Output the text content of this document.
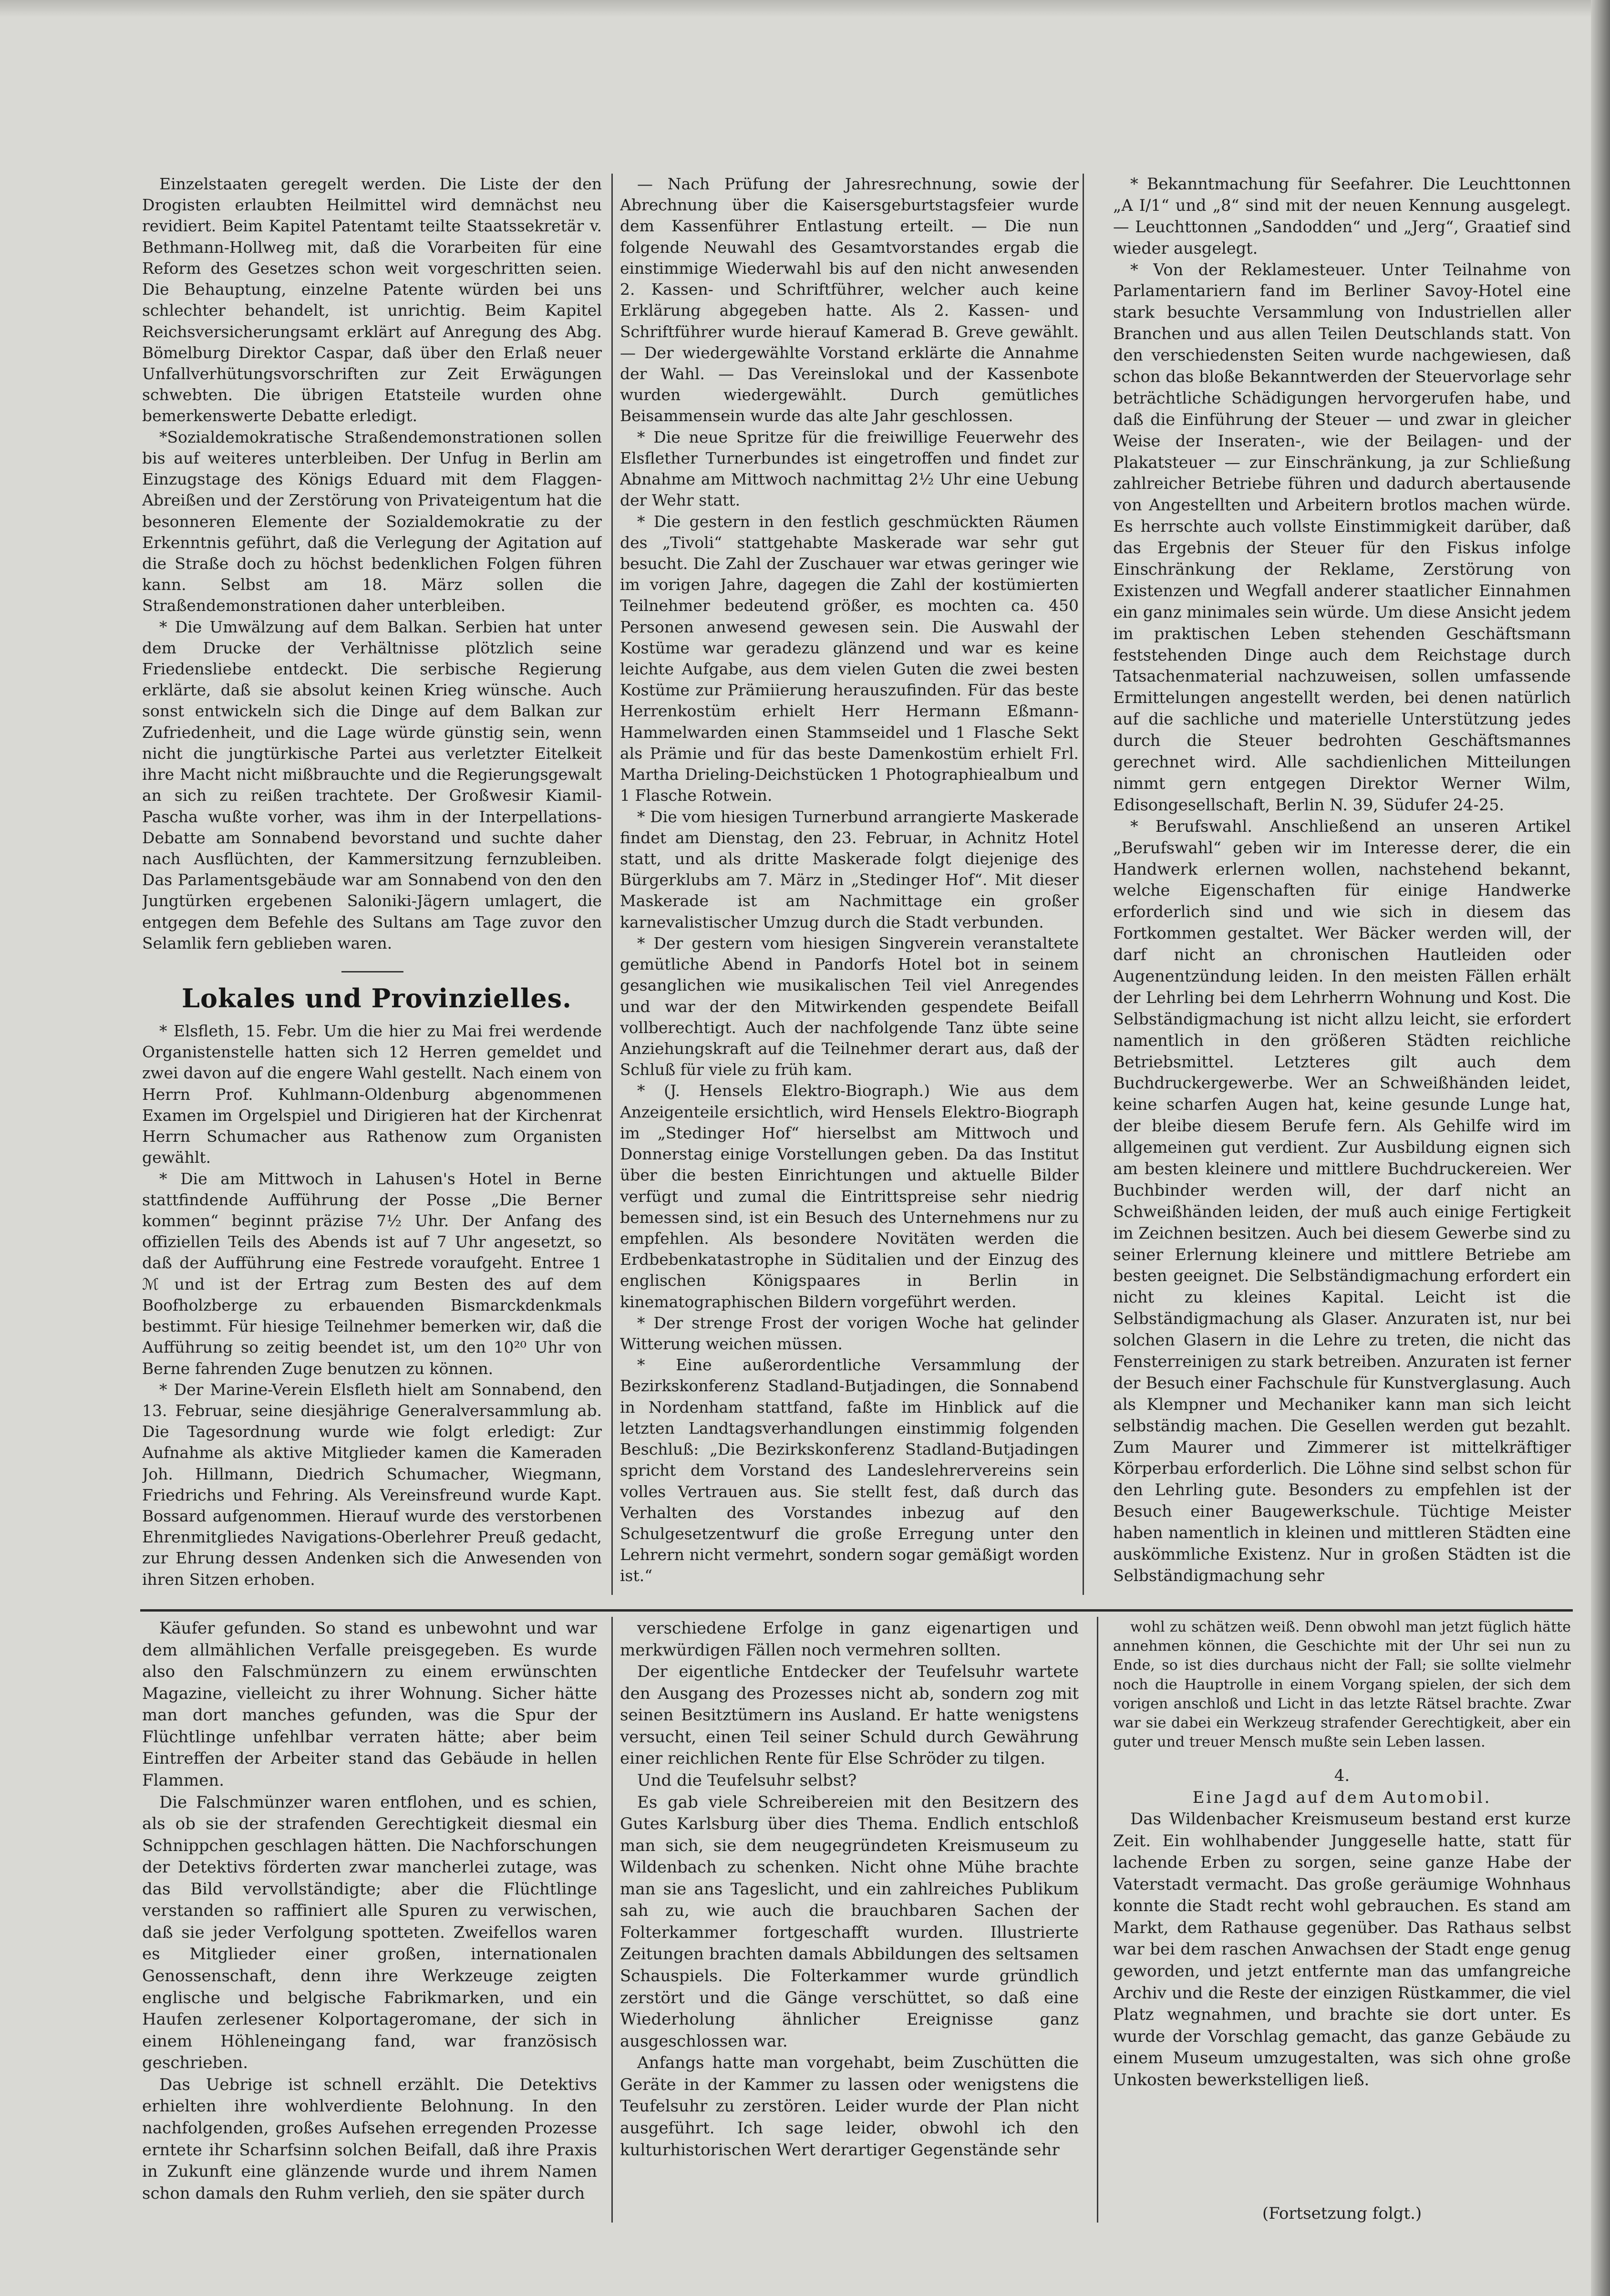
Einzelstaaten geregelt werden. Die Liste der den Drogisten erlaubten Heilmittel wird demnächst neu revidiert. Beim Kapitel Patentamt teilte Staatssekretär v. Bethmann-Hollweg mit, daß die Vorarbeiten für eine Reform des Gesetzes schon weit vorgeschritten seien. Die Behauptung, einzelne Patente würden bei uns schlechter behandelt, ist unrichtig. Beim Kapitel Reichsversicherungsamt erklärt auf Anregung des Abg. Bömelburg Direktor Caspar, daß über den Erlaß neuer Unfallverhütungsvorschriften zur Zeit Erwägungen schwebten. Die übrigen Etatsteile wurden ohne bemerkenswerte Debatte erledigt.

*Sozialdemokratische Straßendemonstrationen sollen bis auf weiteres unterbleiben. Der Unfug in Berlin am Einzugstage des Königs Eduard mit dem Flaggen-Abreißen und der Zerstörung von Privateigentum hat die besonneren Elemente der Sozialdemokratie zu der Erkenntnis geführt, daß die Verlegung der Agitation auf die Straße doch zu höchst bedenklichen Folgen führen kann. Selbst am 18. März sollen die Straßendemonstrationen daher unterbleiben.

* Die Umwälzung auf dem Balkan. Serbien hat unter dem Drucke der Verhältnisse plötzlich seine Friedensliebe entdeckt. Die serbische Regierung erklärte, daß sie absolut keinen Krieg wünsche. Auch sonst entwickeln sich die Dinge auf dem Balkan zur Zufriedenheit, und die Lage würde günstig sein, wenn nicht die jungtürkische Partei aus verletzter Eitelkeit ihre Macht nicht mißbrauchte und die Regierungsgewalt an sich zu reißen trachtete. Der Großwesir Kiamil-Pascha wußte vorher, was ihm in der Interpellations-Debatte am Sonnabend bevorstand und suchte daher nach Ausflüchten, der Kammersitzung fernzubleiben. Das Parlamentsgebäude war am Sonnabend von den den Jungtürken ergebenen Saloniki-Jägern umlagert, die entgegen dem Befehle des Sultans am Tage zuvor den Selamlik fern geblieben waren.

Lokales und Provinzielles.

* Elsfleth, 15. Febr. Um die hier zu Mai frei werdende Organistenstelle hatten sich 12 Herren gemeldet und zwei davon auf die engere Wahl gestellt. Nach einem von Herrn Prof. Kuhlmann-Oldenburg abgenommenen Examen im Orgelspiel und Dirigieren hat der Kirchenrat Herrn Schumacher aus Rathenow zum Organisten gewählt.

* Die am Mittwoch in Lahusen's Hotel in Berne stattfindende Aufführung der Posse „Die Berner kommen“ beginnt präzise 7½ Uhr. Der Anfang des offiziellen Teils des Abends ist auf 7 Uhr angesetzt, so daß der Aufführung eine Festrede voraufgeht. Entree 1 ℳ und ist der Ertrag zum Besten des auf dem Boofholzberge zu erbauenden Bismarckdenkmals bestimmt. Für hiesige Teilnehmer bemerken wir, daß die Aufführung so zeitig beendet ist, um den 10²⁰ Uhr von Berne fahrenden Zuge benutzen zu können.

* Der Marine-Verein Elsfleth hielt am Sonnabend, den 13. Februar, seine diesjährige Generalversammlung ab. Die Tagesordnung wurde wie folgt erledigt: Zur Aufnahme als aktive Mitglieder kamen die Kameraden Joh. Hillmann, Diedrich Schumacher, Wiegmann, Friedrichs und Fehring. Als Vereinsfreund wurde Kapt. Bossard aufgenommen. Hierauf wurde des verstorbenen Ehrenmitgliedes Navigations-Oberlehrer Preuß gedacht, zur Ehrung dessen Andenken sich die Anwesenden von ihren Sitzen erhoben.

— Nach Prüfung der Jahresrechnung, sowie der Abrechnung über die Kaisersgeburtstagsfeier wurde dem Kassenführer Entlastung erteilt. — Die nun folgende Neuwahl des Gesamtvorstandes ergab die einstimmige Wiederwahl bis auf den nicht anwesenden 2. Kassen- und Schriftführer, welcher auch keine Erklärung abgegeben hatte. Als 2. Kassen- und Schriftführer wurde hierauf Kamerad B. Greve gewählt. — Der wiedergewählte Vorstand erklärte die Annahme der Wahl. — Das Vereinslokal und der Kassenbote wurden wiedergewählt. Durch gemütliches Beisammensein wurde das alte Jahr geschlossen.

* Die neue Spritze für die freiwillige Feuerwehr des Elsflether Turnerbundes ist eingetroffen und findet zur Abnahme am Mittwoch nachmittag 2½ Uhr eine Uebung der Wehr statt.

* Die gestern in den festlich geschmückten Räumen des „Tivoli“ stattgehabte Maskerade war sehr gut besucht. Die Zahl der Zuschauer war etwas geringer wie im vorigen Jahre, dagegen die Zahl der kostümierten Teilnehmer bedeutend größer, es mochten ca. 450 Personen anwesend gewesen sein. Die Auswahl der Kostüme war geradezu glänzend und war es keine leichte Aufgabe, aus dem vielen Guten die zwei besten Kostüme zur Prämiierung herauszufinden. Für das beste Herrenkostüm erhielt Herr Hermann Eßmann-Hammelwarden einen Stammseidel und 1 Flasche Sekt als Prämie und für das beste Damenkostüm erhielt Frl. Martha Drieling-Deichstücken 1 Photographiealbum und 1 Flasche Rotwein.

* Die vom hiesigen Turnerbund arrangierte Maskerade findet am Dienstag, den 23. Februar, in Achnitz Hotel statt, und als dritte Maskerade folgt diejenige des Bürgerklubs am 7. März in „Stedinger Hof“. Mit dieser Maskerade ist am Nachmittage ein großer karnevalistischer Umzug durch die Stadt verbunden.

* Der gestern vom hiesigen Singverein veranstaltete gemütliche Abend in Pandorfs Hotel bot in seinem gesanglichen wie musikalischen Teil viel Anregendes und war der den Mitwirkenden gespendete Beifall vollberechtigt. Auch der nachfolgende Tanz übte seine Anziehungskraft auf die Teilnehmer derart aus, daß der Schluß für viele zu früh kam.

* (J. Hensels Elektro-Biograph.) Wie aus dem Anzeigenteile ersichtlich, wird Hensels Elektro-Biograph im „Stedinger Hof“ hierselbst am Mittwoch und Donnerstag einige Vorstellungen geben. Da das Institut über die besten Einrichtungen und aktuelle Bilder verfügt und zumal die Eintrittspreise sehr niedrig bemessen sind, ist ein Besuch des Unternehmens nur zu empfehlen. Als besondere Novitäten werden die Erdbebenkatastrophe in Süditalien und der Einzug des englischen Königspaares in Berlin in kinematographischen Bildern vorgeführt werden.

* Der strenge Frost der vorigen Woche hat gelinder Witterung weichen müssen.

* Eine außerordentliche Versammlung der Bezirkskonferenz Stadland-Butjadingen, die Sonnabend in Nordenham stattfand, faßte im Hinblick auf die letzten Landtagsverhandlungen einstimmig folgenden Beschluß: „Die Bezirkskonferenz Stadland-Butjadingen spricht dem Vorstand des Landeslehrervereins sein volles Vertrauen aus. Sie stellt fest, daß durch das Verhalten des Vorstandes inbezug auf den Schulgesetzentwurf die große Erregung unter den Lehrern nicht vermehrt, sondern sogar gemäßigt worden ist.“

* Bekanntmachung für Seefahrer. Die Leuchttonnen „A I/1“ und „8“ sind mit der neuen Kennung ausgelegt. — Leuchttonnen „Sandodden“ und „Jerg“, Graatief sind wieder ausgelegt.

* Von der Reklamesteuer. Unter Teilnahme von Parlamentariern fand im Berliner Savoy-Hotel eine stark besuchte Versammlung von Industriellen aller Branchen und aus allen Teilen Deutschlands statt. Von den verschiedensten Seiten wurde nachgewiesen, daß schon das bloße Bekanntwerden der Steuervorlage sehr beträchtliche Schädigungen hervorgerufen habe, und daß die Einführung der Steuer — und zwar in gleicher Weise der Inseraten-, wie der Beilagen- und der Plakatsteuer — zur Einschränkung, ja zur Schließung zahlreicher Betriebe führen und dadurch abertausende von Angestellten und Arbeitern brotlos machen würde. Es herrschte auch vollste Einstimmigkeit darüber, daß das Ergebnis der Steuer für den Fiskus infolge Einschränkung der Reklame, Zerstörung von Existenzen und Wegfall anderer staatlicher Einnahmen ein ganz minimales sein würde. Um diese Ansicht jedem im praktischen Leben stehenden Geschäftsmann feststehenden Dinge auch dem Reichstage durch Tatsachenmaterial nachzuweisen, sollen umfassende Ermittelungen angestellt werden, bei denen natürlich auf die sachliche und materielle Unterstützung jedes durch die Steuer bedrohten Geschäftsmannes gerechnet wird. Alle sachdienlichen Mitteilungen nimmt gern entgegen Direktor Werner Wilm, Edisongesellschaft, Berlin N. 39, Südufer 24-25.

* Berufswahl. Anschließend an unseren Artikel „Berufswahl“ geben wir im Interesse derer, die ein Handwerk erlernen wollen, nachstehend bekannt, welche Eigenschaften für einige Handwerke erforderlich sind und wie sich in diesem das Fortkommen gestaltet. Wer Bäcker werden will, der darf nicht an chronischen Hautleiden oder Augenentzündung leiden. In den meisten Fällen erhält der Lehrling bei dem Lehrherrn Wohnung und Kost. Die Selbständigmachung ist nicht allzu leicht, sie erfordert namentlich in den größeren Städten reichliche Betriebsmittel. Letzteres gilt auch dem Buchdruckergewerbe. Wer an Schweißhänden leidet, keine scharfen Augen hat, keine gesunde Lunge hat, der bleibe diesem Berufe fern. Als Gehilfe wird im allgemeinen gut verdient. Zur Ausbildung eignen sich am besten kleinere und mittlere Buchdruckereien. Wer Buchbinder werden will, der darf nicht an Schweißhänden leiden, der muß auch einige Fertigkeit im Zeichnen besitzen. Auch bei diesem Gewerbe sind zu seiner Erlernung kleinere und mittlere Betriebe am besten geeignet. Die Selbständigmachung erfordert ein nicht zu kleines Kapital. Leicht ist die Selbständigmachung als Glaser. Anzuraten ist, nur bei solchen Glasern in die Lehre zu treten, die nicht das Fensterreinigen zu stark betreiben. Anzuraten ist ferner der Besuch einer Fachschule für Kunstverglasung. Auch als Klempner und Mechaniker kann man sich leicht selbständig machen. Die Gesellen werden gut bezahlt. Zum Maurer und Zimmerer ist mittelkräftiger Körperbau erforderlich. Die Löhne sind selbst schon für den Lehrling gute. Besonders zu empfehlen ist der Besuch einer Baugewerkschule. Tüchtige Meister haben namentlich in kleinen und mittleren Städten eine auskömmliche Existenz. Nur in großen Städten ist die Selbständigmachung sehr

Käufer gefunden. So stand es unbewohnt und war dem allmählichen Verfalle preisgegeben. Es wurde also den Falschmünzern zu einem erwünschten Magazine, vielleicht zu ihrer Wohnung. Sicher hätte man dort manches gefunden, was die Spur der Flüchtlinge unfehlbar verraten hätte; aber beim Eintreffen der Arbeiter stand das Gebäude in hellen Flammen.

Die Falschmünzer waren entflohen, und es schien, als ob sie der strafenden Gerechtigkeit diesmal ein Schnippchen geschlagen hätten. Die Nachforschungen der Detektivs förderten zwar mancherlei zutage, was das Bild vervollständigte; aber die Flüchtlinge verstanden so raffiniert alle Spuren zu verwischen, daß sie jeder Verfolgung spotteten. Zweifellos waren es Mitglieder einer großen, internationalen Genossenschaft, denn ihre Werkzeuge zeigten englische und belgische Fabrikmarken, und ein Haufen zerlesener Kolportageromane, der sich in einem Höhleneingang fand, war französisch geschrieben.

Das Uebrige ist schnell erzählt. Die Detektivs erhielten ihre wohlverdiente Belohnung. In den nachfolgenden, großes Aufsehen erregenden Prozesse erntete ihr Scharfsinn solchen Beifall, daß ihre Praxis in Zukunft eine glänzende wurde und ihrem Namen schon damals den Ruhm verlieh, den sie später durch

verschiedene Erfolge in ganz eigenartigen und merkwürdigen Fällen noch vermehren sollten.

Der eigentliche Entdecker der Teufelsuhr wartete den Ausgang des Prozesses nicht ab, sondern zog mit seinen Besitztümern ins Ausland. Er hatte wenigstens versucht, einen Teil seiner Schuld durch Gewährung einer reichlichen Rente für Else Schröder zu tilgen.

Und die Teufelsuhr selbst?

Es gab viele Schreibereien mit den Besitzern des Gutes Karlsburg über dies Thema. Endlich entschloß man sich, sie dem neugegründeten Kreismuseum zu Wildenbach zu schenken. Nicht ohne Mühe brachte man sie ans Tageslicht, und ein zahlreiches Publikum sah zu, wie auch die brauchbaren Sachen der Folterkammer fortgeschafft wurden. Illustrierte Zeitungen brachten damals Abbildungen des seltsamen Schauspiels. Die Folterkammer wurde gründlich zerstört und die Gänge verschüttet, so daß eine Wiederholung ähnlicher Ereignisse ganz ausgeschlossen war.

Anfangs hatte man vorgehabt, beim Zuschütten die Geräte in der Kammer zu lassen oder wenigstens die Teufelsuhr zu zerstören. Leider wurde der Plan nicht ausgeführt. Ich sage leider, obwohl ich den kulturhistorischen Wert derartiger Gegenstände sehr

wohl zu schätzen weiß. Denn obwohl man jetzt füglich hätte annehmen können, die Geschichte mit der Uhr sei nun zu Ende, so ist dies durchaus nicht der Fall; sie sollte vielmehr noch die Hauptrolle in einem Vorgang spielen, der sich dem vorigen anschloß und Licht in das letzte Rätsel brachte. Zwar war sie dabei ein Werkzeug strafender Gerechtigkeit, aber ein guter und treuer Mensch mußte sein Leben lassen.

4.
Eine Jagd auf dem Automobil.

Das Wildenbacher Kreismuseum bestand erst kurze Zeit. Ein wohlhabender Junggeselle hatte, statt für lachende Erben zu sorgen, seine ganze Habe der Vaterstadt vermacht. Das große geräumige Wohnhaus konnte die Stadt recht wohl gebrauchen. Es stand am Markt, dem Rathause gegenüber. Das Rathaus selbst war bei dem raschen Anwachsen der Stadt enge genug geworden, und jetzt entfernte man das umfangreiche Archiv und die Reste der einzigen Rüstkammer, die viel Platz wegnahmen, und brachte sie dort unter. Es wurde der Vorschlag gemacht, das ganze Gebäude zu einem Museum umzugestalten, was sich ohne große Unkosten bewerkstelligen ließ.

(Fortsetzung folgt.)
